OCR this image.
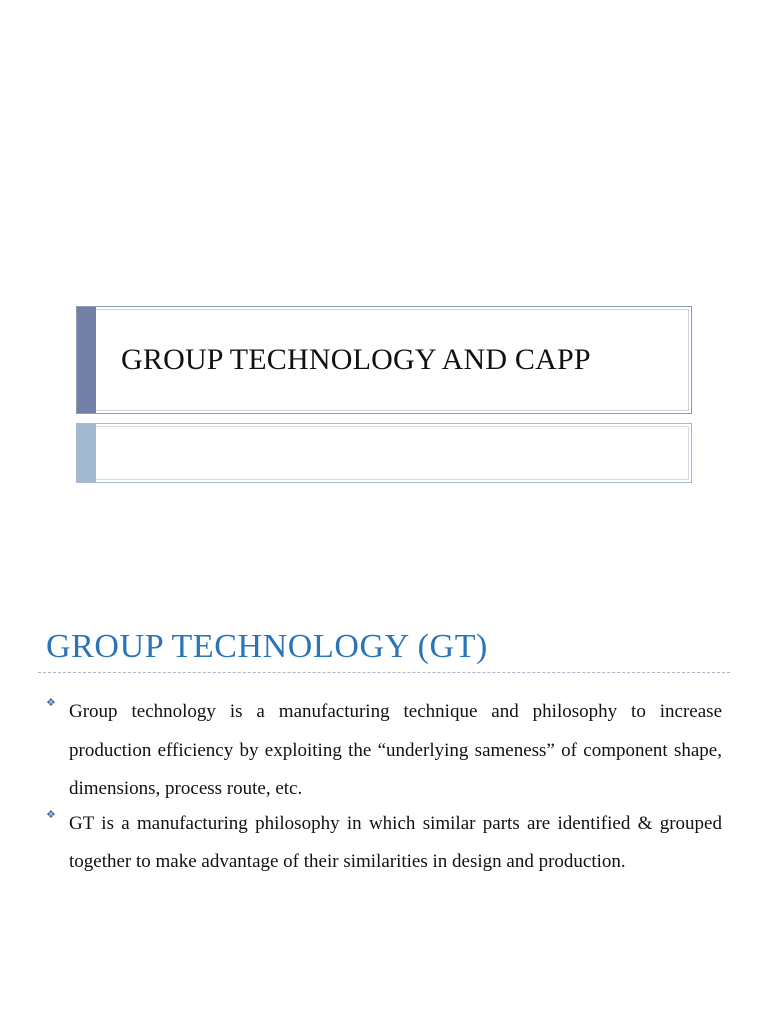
GROUP TECHNOLOGY AND CAPP
GROUP TECHNOLOGY (GT)
❖ Group technology is a manufacturing technique and philosophy to increase production efficiency by exploiting the “underlying sameness” of component shape, dimensions, process route, etc.
❖ GT is a manufacturing philosophy in which similar parts are identified & grouped together to make advantage of their similarities in design and production.
